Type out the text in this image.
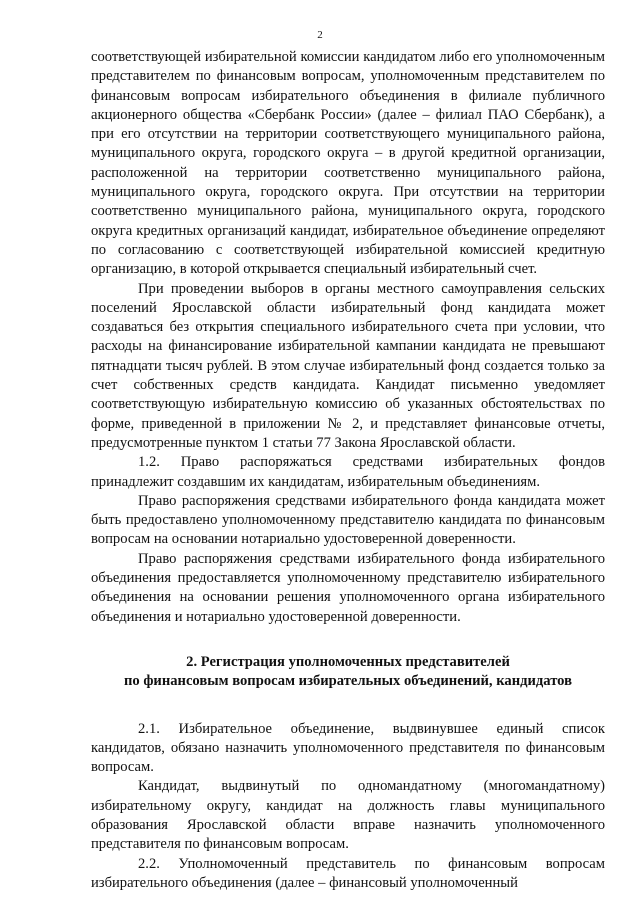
2

соответствующей избирательной комиссии кандидатом либо его уполномоченным представителем по финансовым вопросам, уполномоченным представителем по финансовым вопросам избирательного объединения в филиале публичного акционерного общества «Сбербанк России» (далее – филиал ПАО Сбербанк), а при его отсутствии на территории соответствующего муниципального района, муниципального округа, городского округа – в другой кредитной организации, расположенной на территории соответственно муниципального района, муниципального округа, городского округа. При отсутствии на территории соответственно муниципального района, муниципального округа, городского округа кредитных организаций кандидат, избирательное объединение определяют по согласованию с соответствующей избирательной комиссией кредитную организацию, в которой открывается специальный избирательный счет.

При проведении выборов в органы местного самоуправления сельских поселений Ярославской области избирательный фонд кандидата может создаваться без открытия специального избирательного счета при условии, что расходы на финансирование избирательной кампании кандидата не превышают пятнадцати тысяч рублей. В этом случае избирательный фонд создается только за счет собственных средств кандидата. Кандидат письменно уведомляет соответствующую избирательную комиссию об указанных обстоятельствах по форме, приведенной в приложении № 2, и представляет финансовые отчеты, предусмотренные пунктом 1 статьи 77 Закона Ярославской области.

1.2. Право распоряжаться средствами избирательных фондов принадлежит создавшим их кандидатам, избирательным объединениям.

Право распоряжения средствами избирательного фонда кандидата может быть предоставлено уполномоченному представителю кандидата по финансовым вопросам на основании нотариально удостоверенной доверенности.

Право распоряжения средствами избирательного фонда избирательного объединения предоставляется уполномоченному представителю избирательного объединения на основании решения уполномоченного органа избирательного объединения и нотариально удостоверенной доверенности.

2. Регистрация уполномоченных представителей
по финансовым вопросам избирательных объединений, кандидатов

2.1. Избирательное объединение, выдвинувшее единый список кандидатов, обязано назначить уполномоченного представителя по финансовым вопросам.

Кандидат, выдвинутый по одномандатному (многомандатному) избирательному округу, кандидат на должность главы муниципального образования Ярославской области вправе назначить уполномоченного представителя по финансовым вопросам.

2.2. Уполномоченный представитель по финансовым вопросам избирательного объединения (далее – финансовый уполномоченный
